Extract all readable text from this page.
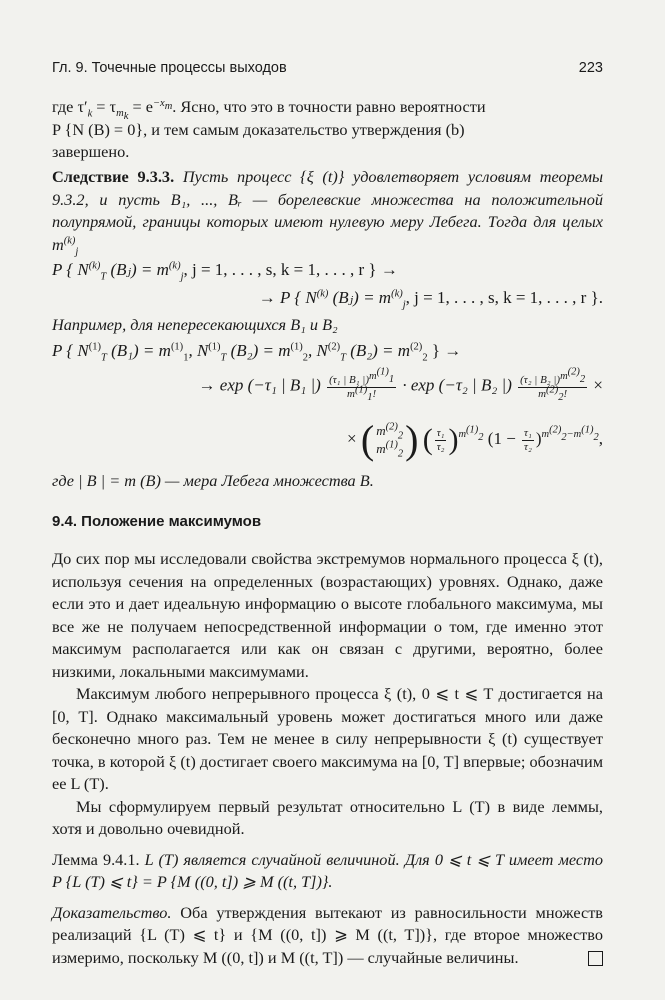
Гл. 9. Точечные процессы выходов	223

где $\tau'_k = \tau_{m_k} = e^{-x_m}$. Ясно, что это в точности равно вероятности

P {N (B) = 0}, и тем самым доказательство утверждения (b)

завершено.

Следствие 9.3.3. Пусть процесс {ξ (t)} удовлетворяет условиям теоремы 9.3.2, и пусть B₁, ..., Bᵣ — борелевские множества на положительной полупрямой, границы которых имеют нулевую меру Лебега. Тогда для целых $m^{(k)}_j$

P { $N^{(k)}_T$ (Bⱼ) = $m^{(k)}_j$, j = 1, . . . , s, k = 1, . . . , r } →
→ P { $N^{(k)}$ (Bⱼ) = $m^{(k)}_j$, j = 1, . . . , s, k = 1, . . . , r }.

Например, для непересекающихся B₁ и B₂

P { $N^{(1)}_T$ $(B_1) = m^{(1)}_1$, $N^{(1)}_T$ $(B_2) = m^{(1)}_2$, $N^{(2)}_T$ $(B_2) = m^{(2)}_2$ } →
→ exp (−τ₁ | B₁ |) $\frac{(\tau_1 | B_1 |)^{m^{(1)}_1}}{m^{(1)}_1!} \cdot \exp (-\tau_2$ | B₂ |) $\frac{(\tau_2 | B_2 |)^{m^{(2)}_2}}{m^{(2)}_2!}$ ×
× ( $m^{(2)}_2$
$m^{(1)}_2$) ( $\frac{\text{τ₁}}{\text{τ₂}} )^{m^{(1)}_2}$ $(1 - \frac{\text{τ₁}}{\text{τ₂}} )^{m^{(2)}_2-m^{(1)}_2}$,

где | B | = m (B) — мера Лебега множества B.

9.4. Положение максимумов

До сих пор мы исследовали свойства экстремумов нормального процесса ξ (t), используя сечения на определенных (возрастающих) уровнях. Однако, даже если это и дает идеальную информацию о высоте глобального максимума, мы все же не получаем непосредственной информации о том, где именно этот максимум располагается или как он связан с другими, вероятно, более низкими, локальными максимумами.

Максимум любого непрерывного процесса ξ (t), 0 ⩽ t ⩽ T достигается на [0, T]. Однако максимальный уровень может достигаться много или даже бесконечно много раз. Тем не менее в силу непрерывности ξ (t) существует точка, в которой ξ (t) достигает своего максимума на [0, T] впервые; обозначим ее L (T).

Мы сформулируем первый результат относительно L (T) в виде леммы, хотя и довольно очевидной.

Лемма 9.4.1. L (T) является случайной величиной. Для 0 ⩽ t ⩽ T имеет место P {L (T) ⩽ t} = P {M ((0, t]) ⩾ M ((t, T])}.

Доказательство. Оба утверждения вытекают из равносильности множеств реализаций {L (T) ⩽ t} и {M ((0, t]) ⩾ M ((t, T])}, где второе множество измеримо, поскольку M ((0, t]) и M ((t, T]) — случайные величины.
